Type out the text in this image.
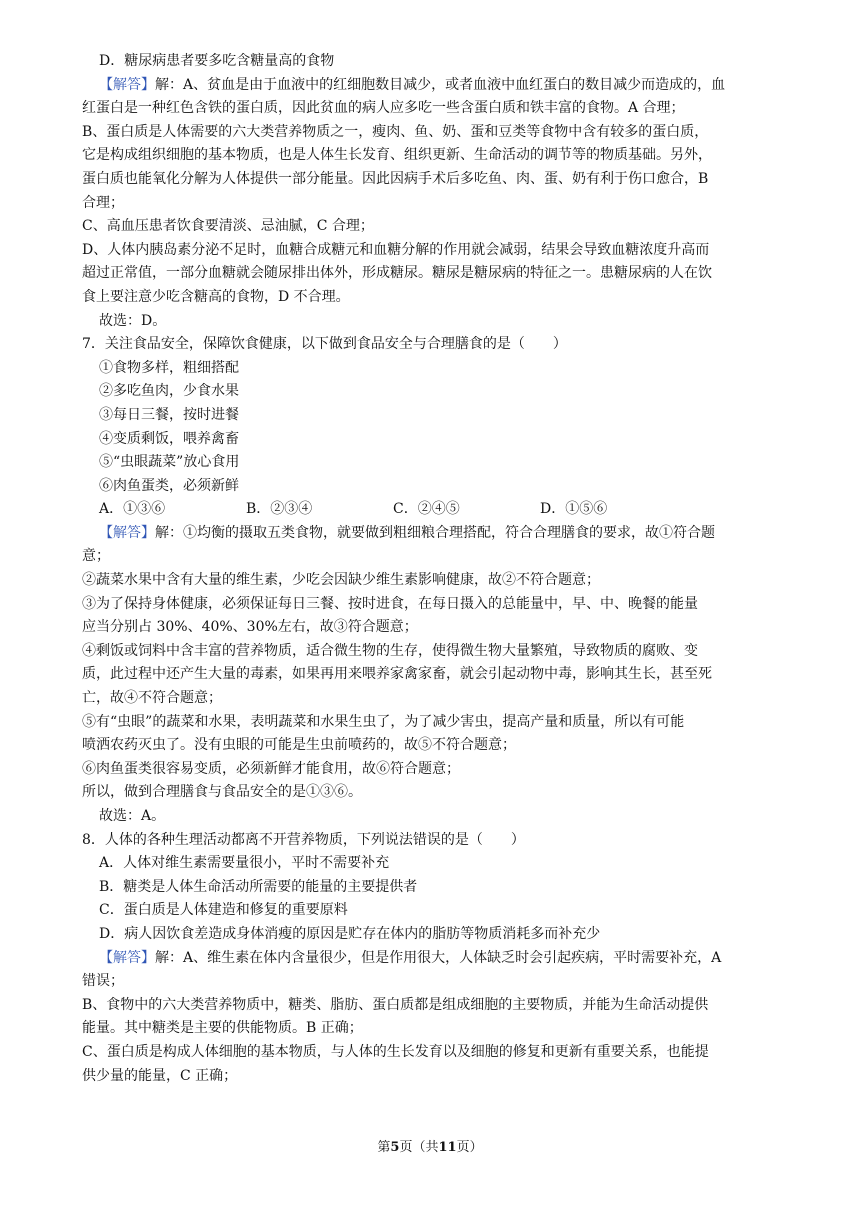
D．糖尿病患者要多吃含糖量高的食物
【解答】解：A、贫血是由于血液中的红细胞数目减少，或者血液中血红蛋白的数目减少而造成的，血
红蛋白是一种红色含铁的蛋白质，因此贫血的病人应多吃一些含蛋白质和铁丰富的食物。A 合理；
B、蛋白质是人体需要的六大类营养物质之一，瘦肉、鱼、奶、蛋和豆类等食物中含有较多的蛋白质，
它是构成组织细胞的基本物质，也是人体生长发育、组织更新、生命活动的调节等的物质基础。另外，
蛋白质也能氧化分解为人体提供一部分能量。因此因病手术后多吃鱼、肉、蛋、奶有利于伤口愈合，B
合理；
C、高血压患者饮食要清淡、忌油腻，C 合理；
D、人体内胰岛素分泌不足时，血糖合成糖元和血糖分解的作用就会减弱，结果会导致血糖浓度升高而
超过正常值，一部分血糖就会随尿排出体外，形成糖尿。糖尿是糖尿病的特征之一。患糖尿病的人在饮
食上要注意少吃含糖高的食物，D 不合理。
故选：D。
7．关注食品安全，保障饮食健康，以下做到食品安全与合理膳食的是（　　）
①食物多样，粗细搭配
②多吃鱼肉，少食水果
③每日三餐，按时进餐
④变质剩饭，喂养禽畜
⑤“虫眼蔬菜”放心食用
⑥肉鱼蛋类，必须新鲜
A．①③⑥	B．②③④	C．②④⑤	D．①⑤⑥
【解答】解：①均衡的摄取五类食物，就要做到粗细粮合理搭配，符合合理膳食的要求，故①符合题
意；
②蔬菜水果中含有大量的维生素，少吃会因缺少维生素影响健康，故②不符合题意；
③为了保持身体健康，必须保证每日三餐、按时进食，在每日摄入的总能量中，早、中、晚餐的能量
应当分别占 30%、40%、30%左右，故③符合题意；
④剩饭或饲料中含丰富的营养物质，适合微生物的生存，使得微生物大量繁殖，导致物质的腐败、变
质，此过程中还产生大量的毒素，如果再用来喂养家禽家畜，就会引起动物中毒，影响其生长，甚至死
亡，故④不符合题意；
⑤有“虫眼”的蔬菜和水果，表明蔬菜和水果生虫了，为了减少害虫，提高产量和质量，所以有可能
喷洒农药灭虫了。没有虫眼的可能是生虫前喷药的，故⑤不符合题意；
⑥肉鱼蛋类很容易变质，必须新鲜才能食用，故⑥符合题意；
所以，做到合理膳食与食品安全的是①③⑥。
故选：A。
8．人体的各种生理活动都离不开营养物质，下列说法错误的是（　　）
A．人体对维生素需要量很小，平时不需要补充
B．糖类是人体生命活动所需要的能量的主要提供者
C．蛋白质是人体建造和修复的重要原料
D．病人因饮食差造成身体消瘦的原因是贮存在体内的脂肪等物质消耗多而补充少
【解答】解：A、维生素在体内含量很少，但是作用很大，人体缺乏时会引起疾病，平时需要补充，A
错误；
B、食物中的六大类营养物质中，糖类、脂肪、蛋白质都是组成细胞的主要物质，并能为生命活动提供
能量。其中糖类是主要的供能物质。B 正确；
C、蛋白质是构成人体细胞的基本物质，与人体的生长发育以及细胞的修复和更新有重要关系，也能提
供少量的能量，C 正确；
第5页（共11页）
